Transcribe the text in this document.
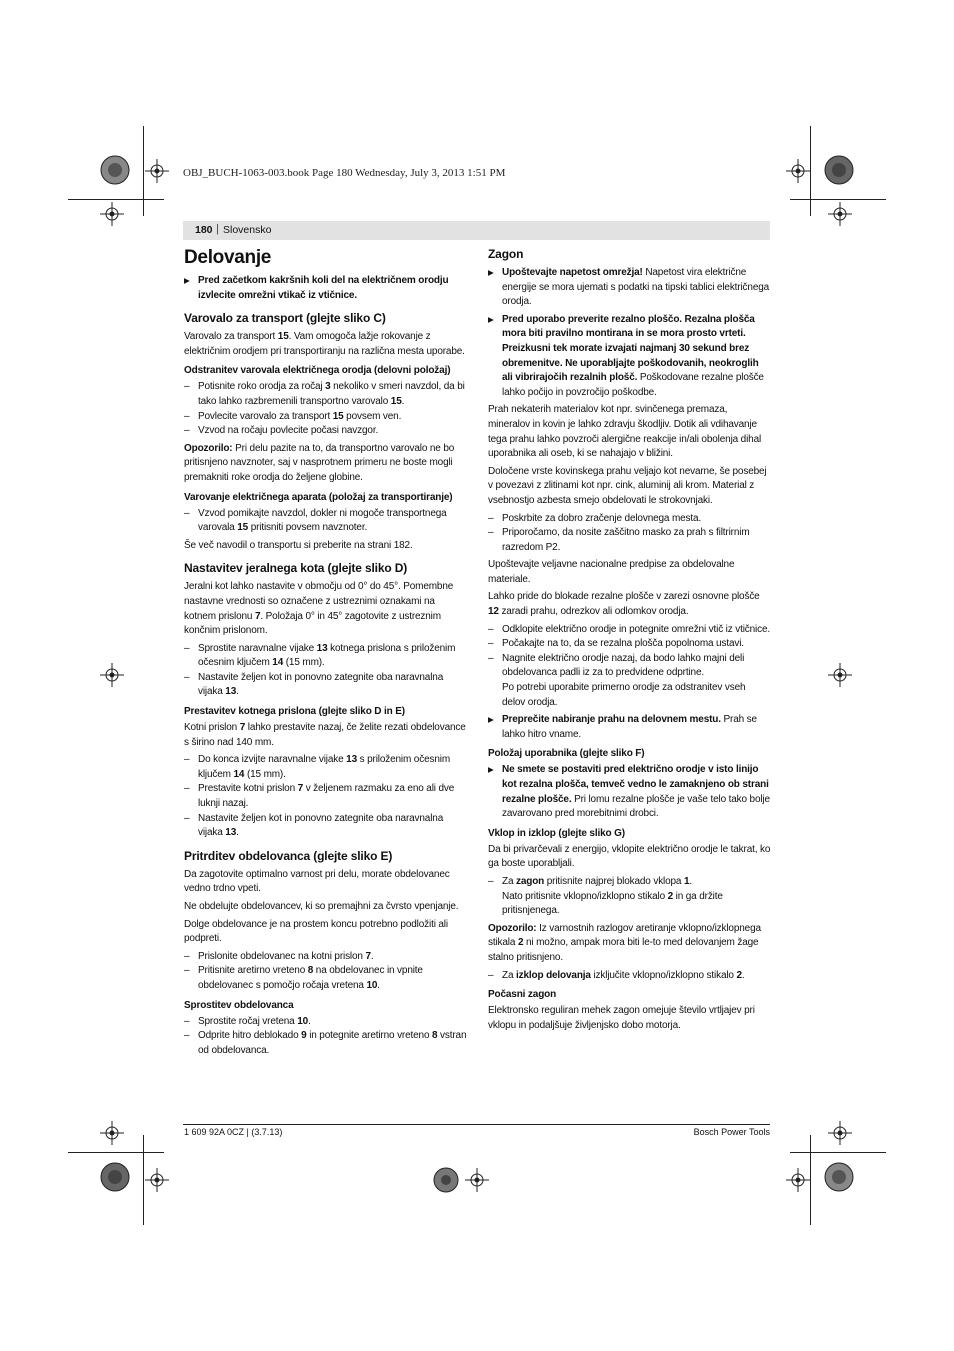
OBJ_BUCH-1063-003.book Page 180 Wednesday, July 3, 2013 1:51 PM
180 | Slovensko
Delovanje
▶ Pred začetkom kakršnih koli del na električnem orodju izvlecite omrežni vtikač iz vtičnice.
Varovalo za transport (glejte sliko C)

Varovalo za transport 15. Vam omogoča lažje rokovanje z električnim orodjem pri transportiranju na različna mesta uporabe.

Odstranitev varovala električnega orodja (delovni položaj)
– Potisnite roko orodja za ročaj 3 nekoliko v smeri navzdol, da bi tako lahko razbremenili transportno varovalo 15.
– Povlecite varovalo za transport 15 povsem ven.
– Vzvod na ročaju povlecite počasi navzgor.

Opozorilo: Pri delu pazite na to, da transportno varovalo ne bo pritisnjeno navznoter, saj v nasprotnem primeru ne boste mogli premakniti roke orodja do željene globine.

Varovanje električnega aparata (položaj za transportiranje)
– Vzvod pomikajte navzdol, dokler ni mogoče transportnega varovala 15 pritisniti povsem navznoter.

Še več navodil o transportu si preberite na strani 182.

Nastavitev jeralnega kota (glejte sliko D)

Jeralni kot lahko nastavite v območju od 0° do 45°. Pomembne nastavne vrednosti so označene z ustreznimi oznakami na kotnem prislonu 7. Položaja 0° in 45° zagotovite z ustreznim končnim prislonom.

– Sprostite naravnalne vijake 13 kotnega prislona s priloženim očesnim ključem 14 (15 mm).
– Nastavite željen kot in ponovno zategnite oba naravnalna vijaka 13.
Prestavitev kotnega prislona (glejte sliko D in E)

Kotni prislon 7 lahko prestavite nazaj, če želite rezati obdelovance s širino nad 140 mm.

– Do konca izvijte naravnalne vijake 13 s priloženim očesnim ključem 14 (15 mm).
– Prestavite kotni prislon 7 v željenem razmaku za eno ali dve luknji nazaj.
– Nastavite željen kot in ponovno zategnite oba naravnalna vijaka 13.
Pritrditev obdelovanca (glejte sliko E)

Da zagotovite optimalno varnost pri delu, morate obdelovanec vedno trdno vpeti.

Ne obdelujte obdelovancev, ki so premajhni za čvrsto vpenjanje.

Dolge obdelovance je na prostem koncu potrebno podložiti ali podpreti.

– Prislonite obdelovanec na kotni prislon 7.
– Pritisnite aretirno vreteno 8 na obdelovanec in vpnite obdelovanec s pomočjo ročaja vretena 10.
Sprostitev obdelovanca
– Sprostite ročaj vretena 10.
– Odprite hitro deblokado 9 in potegnite aretirno vreteno 8 vstran od obdelovanca.
Zagon
▶ Upoštevajte napetost omrežja! Napetost vira električne energije se mora ujemati s podatki na tipski tablici električnega orodja.
▶ Pred uporabo preverite rezalno ploščo. Rezalna plošča mora biti pravilno montirana in se mora prosto vrteti. Preizkusni tek morate izvajati najmanj 30 sekund brez obremenitve. Ne uporabljajte poškodovanih, neokroglih ali vibrirajočih rezalnih plošč. Poškodovane rezalne plošče lahko počijo in povzročijo poškodbe.

Prah nekaterih materialov kot npr. svinčenega premaza, mineralov in kovin je lahko zdravju škodljiv. Dotik ali vdihavanje tega prahu lahko povzroči alergične reakcije in/ali obolenja dihal uporabnika ali oseb, ki se nahajajo v bližini.

Določene vrste kovinskega prahu veljajo kot nevarne, še posebej v povezavi z zlitinami kot npr. cink, aluminij ali krom. Material z vsebnostjo azbesta smejo obdelovati le strokovnjaki.

– Poskrbite za dobro zračenje delovnega mesta.
– Priporočamo, da nosite zaščitno masko za prah s filtrirnim razredom P2.

Upoštevajte veljavne nacionalne predpise za obdelovalne materiale.

Lahko pride do blokade rezalne plošče v zarezi osnovne plošče 12 zaradi prahu, odrezkov ali odlomkov orodja.

– Odklopite električno orodje in potegnite omrežni vtič iz vtičnice.
– Počakajte na to, da se rezalna plošča popolnoma ustavi.
– Nagnite električno orodje nazaj, da bodo lahko majni deli obdelovanca padli iz za to predvidene odprtine.
Po potrebi uporabite primerno orodje za odstranitev vseh delov orodja.
▶ Preprečite nabiranje prahu na delovnem mestu. Prah se lahko hitro vname.
Položaj uporabnika (glejte sliko F)
▶ Ne smete se postaviti pred električno orodje v isto linijo kot rezalna plošča, temveč vedno le zamaknjeno ob strani rezalne plošče. Pri lomu rezalne plošče je vaše telo tako bolje zavarovano pred morebitnimi drobci.
Vklop in izklop (glejte sliko G)

Da bi privarčevali z energijo, vklopite električno orodje le takrat, ko ga boste uporabljali.

– Za zagon pritisnite najprej blokado vklopa 1.
Nato pritisnite vklopno/izklopno stikalo 2 in ga držite pritisnjenega.

Opozorilo: Iz varnostnih razlogov aretiranje vklopno/izklopnega stikala 2 ni možno, ampak mora biti le-to med delovanjem žage stalno pritisnjeno.

– Za izklop delovanja izključite vklopno/izklopno stikalo 2.
Počasni zagon

Elektronsko reguliran mehek zagon omejuje število vrtljajev pri vklopu in podaljšuje življenjsko dobo motorja.

1 609 92A 0CZ | (3.7.13)	Bosch Power Tools
